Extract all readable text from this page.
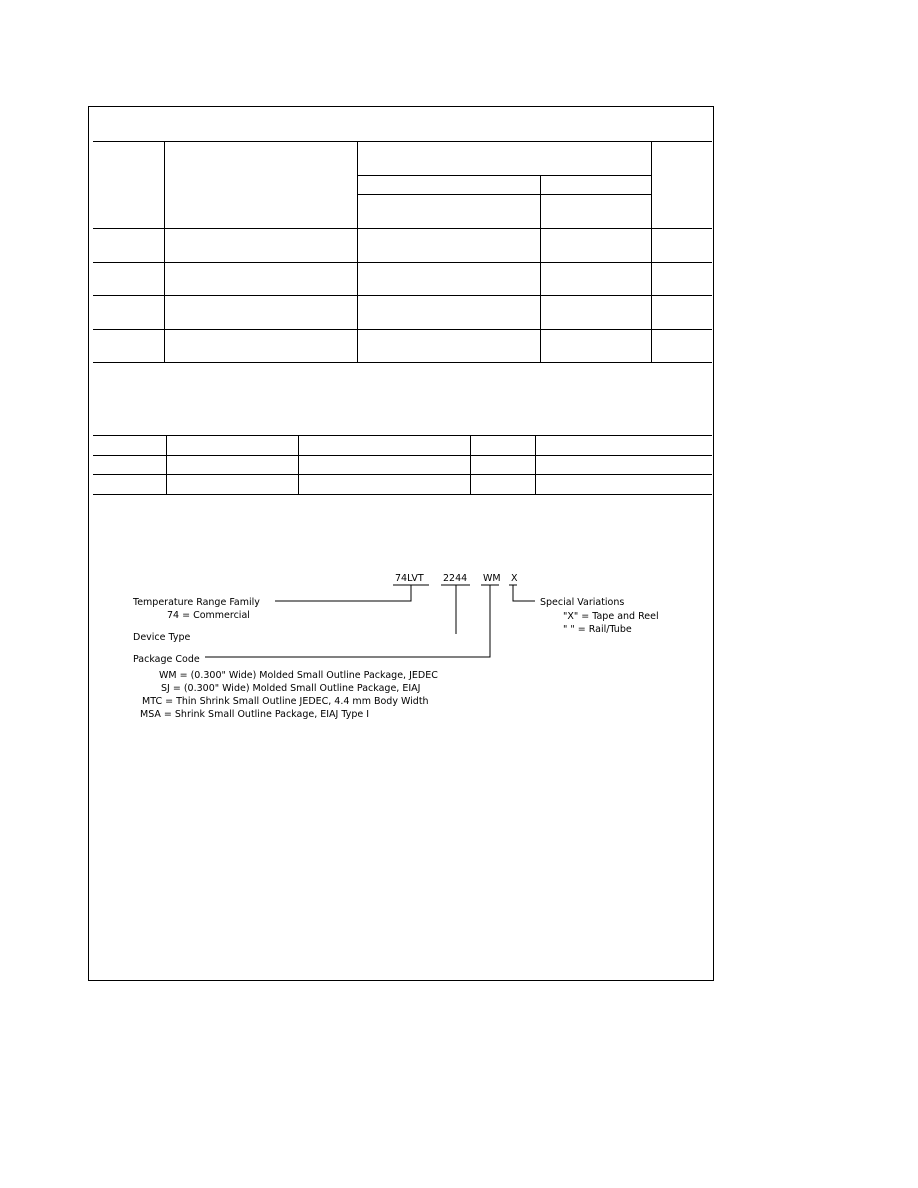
74LVT 2244 WM X
Temperature Range Family
74 = Commercial
Device Type
Package Code
WM = (0.300" Wide) Molded Small Outline Package, JEDEC
SJ = (0.300" Wide) Molded Small Outline Package, EIAJ
MTC = Thin Shrink Small Outline JEDEC, 4.4 mm Body Width
MSA = Shrink Small Outline Package, EIAJ Type I
Special Variations
"X" = Tape and Reel
" " = Rail/Tube
